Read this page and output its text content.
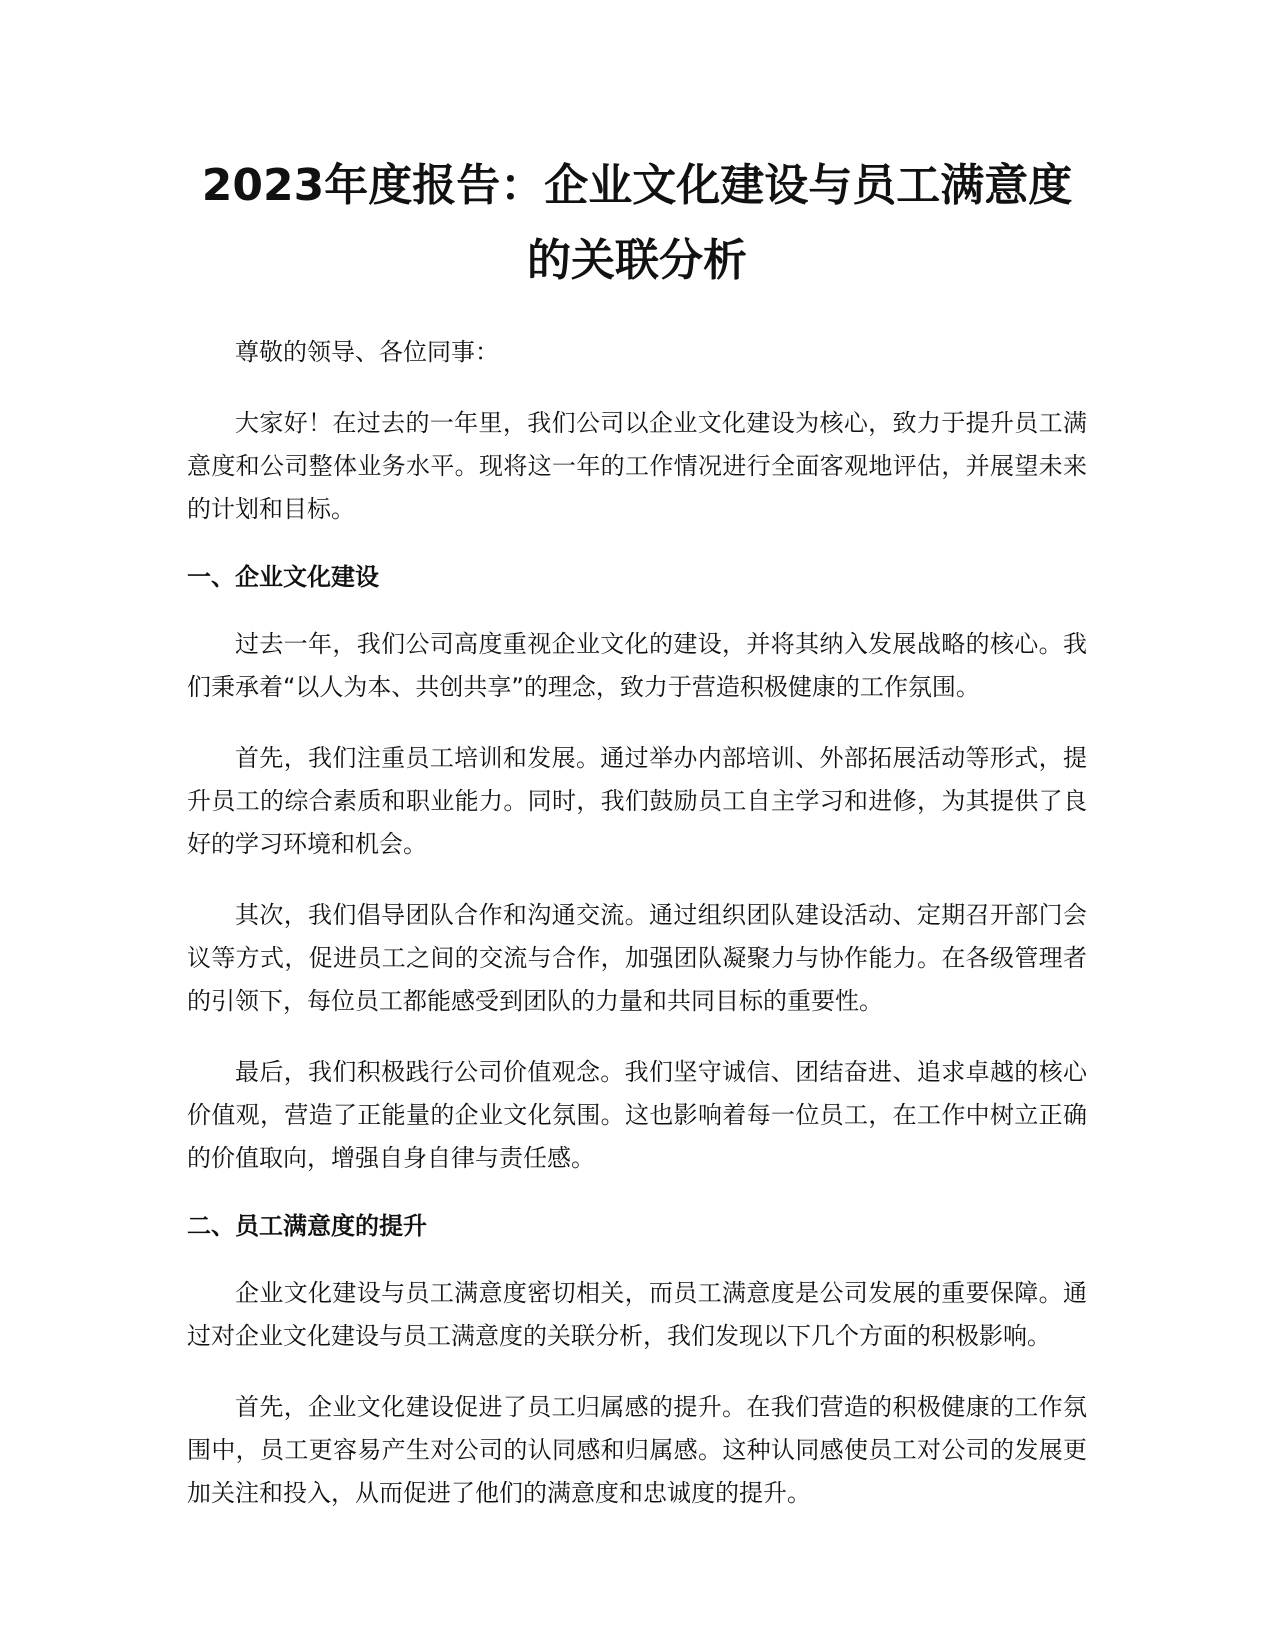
2023年度报告：企业文化建设与员工满意度
的关联分析

尊敬的领导、各位同事：

大家好！在过去的一年里，我们公司以企业文化建设为核心，致力于提升员工满意度和公司整体业务水平。现将这一年的工作情况进行全面客观地评估，并展望未来的计划和目标。

一、企业文化建设

过去一年，我们公司高度重视企业文化的建设，并将其纳入发展战略的核心。我们秉承着“以人为本、共创共享”的理念，致力于营造积极健康的工作氛围。

首先，我们注重员工培训和发展。通过举办内部培训、外部拓展活动等形式，提升员工的综合素质和职业能力。同时，我们鼓励员工自主学习和进修，为其提供了良好的学习环境和机会。

其次，我们倡导团队合作和沟通交流。通过组织团队建设活动、定期召开部门会议等方式，促进员工之间的交流与合作，加强团队凝聚力与协作能力。在各级管理者的引领下，每位员工都能感受到团队的力量和共同目标的重要性。

最后，我们积极践行公司价值观念。我们坚守诚信、团结奋进、追求卓越的核心价值观，营造了正能量的企业文化氛围。这也影响着每一位员工，在工作中树立正确的价值取向，增强自身自律与责任感。

二、员工满意度的提升

企业文化建设与员工满意度密切相关，而员工满意度是公司发展的重要保障。通过对企业文化建设与员工满意度的关联分析，我们发现以下几个方面的积极影响。

首先，企业文化建设促进了员工归属感的提升。在我们营造的积极健康的工作氛围中，员工更容易产生对公司的认同感和归属感。这种认同感使员工对公司的发展更加关注和投入，从而促进了他们的满意度和忠诚度的提升。
